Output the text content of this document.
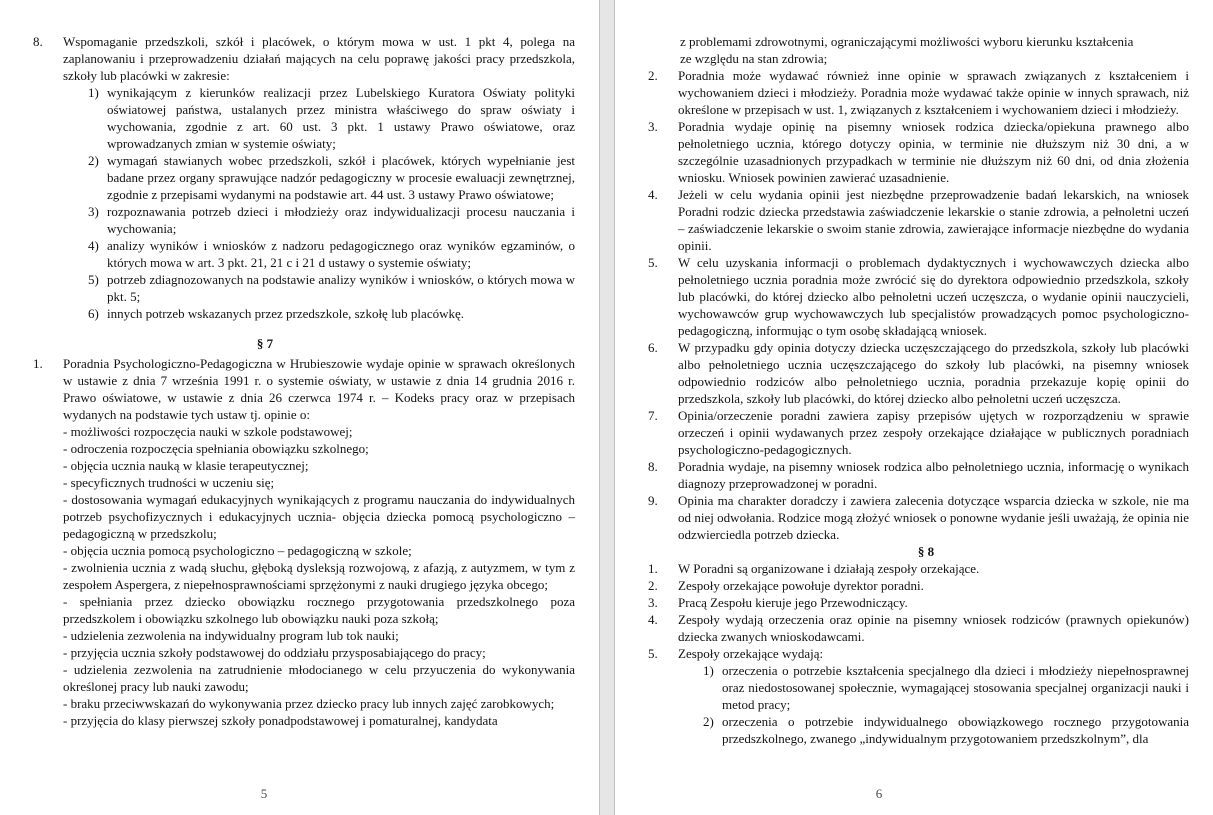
8. Wspomaganie przedszkoli, szkół i placówek, o którym mowa w ust. 1 pkt 4, polega na zaplanowaniu i przeprowadzeniu działań mających na celu poprawę jakości pracy przedszkola, szkoły lub placówki w zakresie:
1) wynikającym z kierunków realizacji przez Lubelskiego Kuratora Oświaty polityki oświatowej państwa, ustalanych przez ministra właściwego do spraw oświaty i wychowania, zgodnie z art. 60 ust. 3 pkt. 1 ustawy Prawo oświatowe, oraz wprowadzanych zmian w systemie oświaty;
2) wymagań stawianych wobec przedszkoli, szkół i placówek, których wypełnianie jest badane przez organy sprawujące nadzór pedagogiczny w procesie ewaluacji zewnętrznej, zgodnie z przepisami wydanymi na podstawie art. 44 ust. 3 ustawy Prawo oświatowe;
3) rozpoznawania potrzeb dzieci i młodzieży oraz indywidualizacji procesu nauczania i wychowania;
4) analizy wyników i wniosków z nadzoru pedagogicznego oraz wyników egzaminów, o których mowa w art. 3 pkt. 21, 21 c i 21 d ustawy o systemie oświaty;
5) potrzeb zdiagnozowanych na podstawie analizy wyników i wniosków, o których mowa w pkt. 5;
6) innych potrzeb wskazanych przez przedszkole, szkołę lub placówkę.
§ 7
1. Poradnia Psychologiczno-Pedagogiczna w Hrubieszowie wydaje opinie w sprawach określonych w ustawie z dnia 7 września 1991 r. o systemie oświaty, w ustawie z dnia 14 grudnia 2016 r. Prawo oświatowe, w ustawie z dnia 26 czerwca 1974 r. – Kodeks pracy oraz w przepisach wydanych na podstawie tych ustaw tj. opinie o:
- możliwości rozpoczęcia nauki w szkole podstawowej;
- odroczenia rozpoczęcia spełniania obowiązku szkolnego;
- objęcia ucznia nauką w klasie terapeutycznej;
- specyficznych trudności w uczeniu się;
- dostosowania wymagań edukacyjnych wynikających z programu nauczania do indywidualnych potrzeb psychofizycznych i edukacyjnych ucznia- objęcia dziecka pomocą psychologiczno – pedagogiczną w przedszkolu;
- objęcia ucznia pomocą psychologiczno – pedagogiczną w szkole;
- zwolnienia ucznia z wadą słuchu, głęboką dysleksją rozwojową, z afazją, z autyzmem, w tym z zespołem Aspergera, z niepełnosprawnościami sprzężonymi z nauki drugiego języka obcego;
- spełniania przez dziecko obowiązku rocznego przygotowania przedszkolnego poza przedszkolem i obowiązku szkolnego lub obowiązku nauki poza szkołą;
- udzielenia zezwolenia na indywidualny program lub tok nauki;
- przyjęcia ucznia szkoły podstawowej do oddziału przysposabiającego do pracy;
- udzielenia zezwolenia na zatrudnienie młodocianego w celu przyuczenia do wykonywania określonej pracy lub nauki zawodu;
- braku przeciwwskazań do wykonywania przez dziecko pracy lub innych zajęć zarobkowych;
- przyjęcia do klasy pierwszej szkoły ponadpodstawowej i pomaturalnej, kandydata
5
z problemami zdrowotnymi, ograniczającymi możliwości wyboru kierunku kształcenia
ze względu na stan zdrowia;
2. Poradnia może wydawać również inne opinie w sprawach związanych z kształceniem i wychowaniem dzieci i młodzieży. Poradnia może wydawać także opinie w innych sprawach, niż określone w przepisach w ust. 1, związanych z kształceniem i wychowaniem dzieci i młodzieży.
3. Poradnia wydaje opinię na pisemny wniosek rodzica dziecka/opiekuna prawnego albo pełnoletniego ucznia, którego dotyczy opinia, w terminie nie dłuższym niż 30 dni, a w szczególnie uzasadnionych przypadkach w terminie nie dłuższym niż 60 dni, od dnia złożenia wniosku. Wniosek powinien zawierać uzasadnienie.
4. Jeżeli w celu wydania opinii jest niezbędne przeprowadzenie badań lekarskich, na wniosek Poradni rodzic dziecka przedstawia zaświadczenie lekarskie o stanie zdrowia, a pełnoletni uczeń – zaświadczenie lekarskie o swoim stanie zdrowia, zawierające informacje niezbędne do wydania opinii.
5. W celu uzyskania informacji o problemach dydaktycznych i wychowawczych dziecka albo pełnoletniego ucznia poradnia może zwrócić się do dyrektora odpowiednio przedszkola, szkoły lub placówki, do której dziecko albo pełnoletni uczeń uczęszcza, o wydanie opinii nauczycieli, wychowawców grup wychowawczych lub specjalistów prowadzących pomoc psychologiczno-pedagogiczną, informując o tym osobę składającą wniosek.
6. W przypadku gdy opinia dotyczy dziecka uczęszczającego do przedszkola, szkoły lub placówki albo pełnoletniego ucznia uczęszczającego do szkoły lub placówki, na pisemny wniosek odpowiednio rodziców albo pełnoletniego ucznia, poradnia przekazuje kopię opinii do przedszkola, szkoły lub placówki, do której dziecko albo pełnoletni uczeń uczęszcza.
7. Opinia/orzeczenie poradni zawiera zapisy przepisów ujętych w rozporządzeniu w sprawie orzeczeń i opinii wydawanych przez zespoły orzekające działające w publicznych poradniach psychologiczno-pedagogicznych.
8. Poradnia wydaje, na pisemny wniosek rodzica albo pełnoletniego ucznia, informację o wynikach diagnozy przeprowadzonej w poradni.
9. Opinia ma charakter doradczy i zawiera zalecenia dotyczące wsparcia dziecka w szkole, nie ma od niej odwołania. Rodzice mogą złożyć wniosek o ponowne wydanie jeśli uważają, że opinia nie odzwierciedla potrzeb dziecka.
§ 8
1. W Poradni są organizowane i działają zespoły orzekające.
2. Zespoły orzekające powołuje dyrektor poradni.
3. Pracą Zespołu kieruje jego Przewodniczący.
4. Zespoły wydają orzeczenia oraz opinie na pisemny wniosek rodziców (prawnych opiekunów) dziecka zwanych wnioskodawcami.
5. Zespoły orzekające wydają:
1) orzeczenia o potrzebie kształcenia specjalnego dla dzieci i młodzieży niepełnosprawnej oraz niedostosowanej społecznie, wymagającej stosowania specjalnej organizacji nauki i metod pracy;
2) orzeczenia o potrzebie indywidualnego obowiązkowego rocznego przygotowania przedszkolnego, zwanego „indywidualnym przygotowaniem przedszkolnym”, dla
6
